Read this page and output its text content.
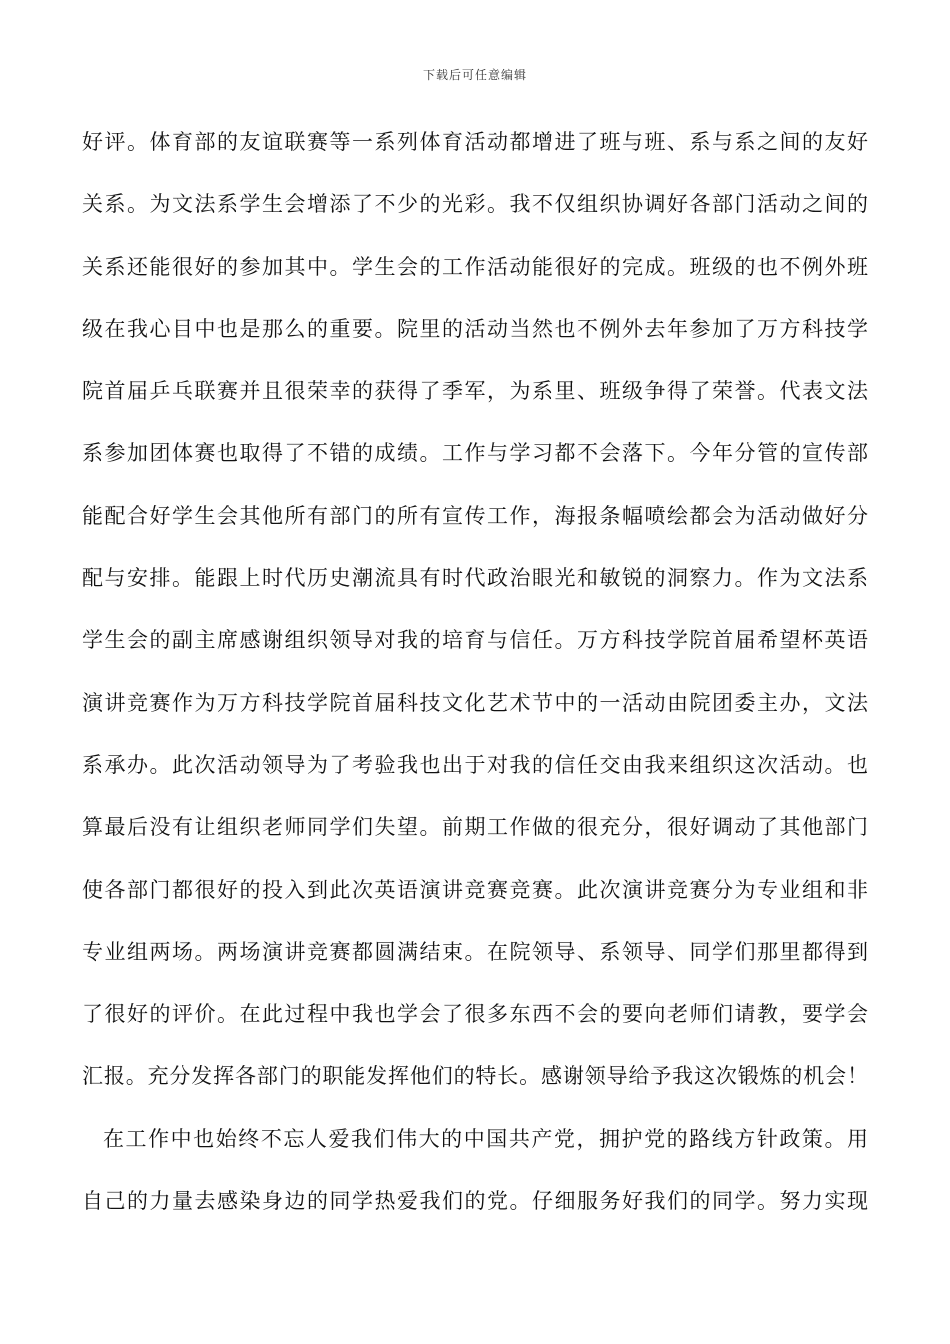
下载后可任意编辑
好评。体育部的友谊联赛等一系列体育活动都增进了班与班、系与系之间的友好
关系。为文法系学生会增添了不少的光彩。我不仅组织协调好各部门活动之间的
关系还能很好的参加其中。学生会的工作活动能很好的完成。班级的也不例外班
级在我心目中也是那么的重要。院里的活动当然也不例外去年参加了万方科技学
院首届乒乓联赛并且很荣幸的获得了季军，为系里、班级争得了荣誉。代表文法
系参加团体赛也取得了不错的成绩。工作与学习都不会落下。今年分管的宣传部
能配合好学生会其他所有部门的所有宣传工作，海报条幅喷绘都会为活动做好分
配与安排。能跟上时代历史潮流具有时代政治眼光和敏锐的洞察力。作为文法系
学生会的副主席感谢组织领导对我的培育与信任。万方科技学院首届希望杯英语
演讲竞赛作为万方科技学院首届科技文化艺术节中的一活动由院团委主办，文法
系承办。此次活动领导为了考验我也出于对我的信任交由我来组织这次活动。也
算最后没有让组织老师同学们失望。前期工作做的很充分，很好调动了其他部门
使各部门都很好的投入到此次英语演讲竞赛竞赛。此次演讲竞赛分为专业组和非
专业组两场。两场演讲竞赛都圆满结束。在院领导、系领导、同学们那里都得到
了很好的评价。在此过程中我也学会了很多东西不会的要向老师们请教，要学会
汇报。充分发挥各部门的职能发挥他们的特长。感谢领导给予我这次锻炼的机会！
在工作中也始终不忘人爱我们伟大的中国共产党，拥护党的路线方针政策。用
自己的力量去感染身边的同学热爱我们的党。仔细服务好我们的同学。努力实现
